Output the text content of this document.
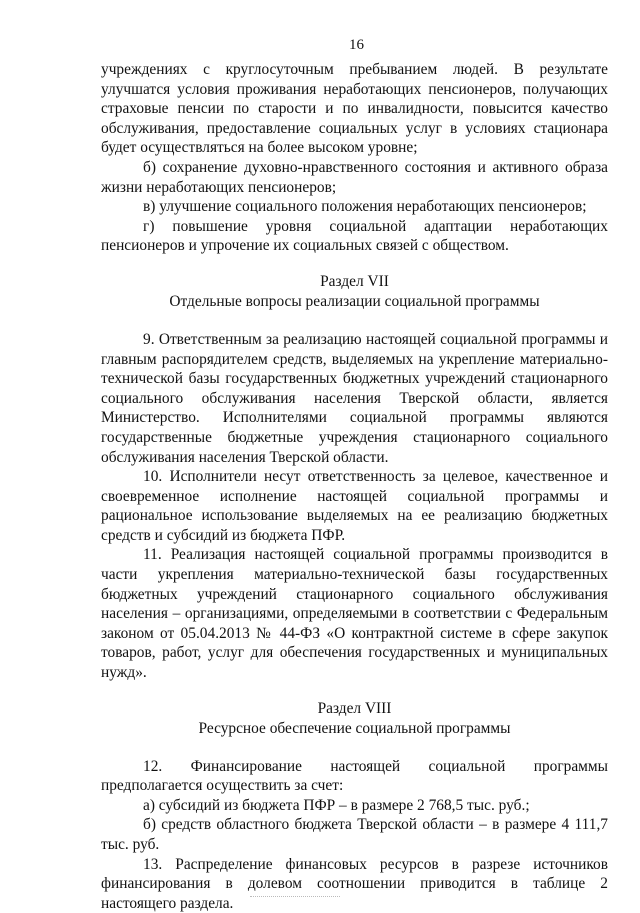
16

учреждениях с круглосуточным пребыванием людей. В результате улучшатся условия проживания неработающих пенсионеров, получающих страховые пенсии по старости и по инвалидности, повысится качество обслуживания, предоставление социальных услуг в условиях стационара будет осуществляться на более высоком уровне;

б) сохранение духовно-нравственного состояния и активного образа жизни неработающих пенсионеров;

в) улучшение социального положения неработающих пенсионеров;

г) повышение уровня социальной адаптации неработающих пенсионеров и упрочение их социальных связей с обществом.

Раздел VII

Отдельные вопросы реализации социальной программы

9. Ответственным за реализацию настоящей социальной программы и главным распорядителем средств, выделяемых на укрепление материально-технической базы государственных бюджетных учреждений стационарного социального обслуживания населения Тверской области, является Министерство. Исполнителями социальной программы являются государственные бюджетные учреждения стационарного социального обслуживания населения Тверской области.

10. Исполнители несут ответственность за целевое, качественное и своевременное исполнение настоящей социальной программы и рациональное использование выделяемых на ее реализацию бюджетных средств и субсидий из бюджета ПФР.

11. Реализация настоящей социальной программы производится в части укрепления материально-технической базы государственных бюджетных учреждений стационарного социального обслуживания населения – организациями, определяемыми в соответствии с Федеральным законом от 05.04.2013 № 44-ФЗ «О контрактной системе в сфере закупок товаров, работ, услуг для обеспечения государственных и муниципальных нужд».

Раздел VIII

Ресурсное обеспечение социальной программы

12. Финансирование настоящей социальной программы предполагается осуществить за счет:

а) субсидий из бюджета ПФР – в размере 2 768,5 тыс. руб.;

б) средств областного бюджета Тверской области – в размере 4 111,7 тыс. руб.

13. Распределение финансовых ресурсов в разрезе источников финансирования в долевом соотношении приводится в таблице 2 настоящего раздела.
